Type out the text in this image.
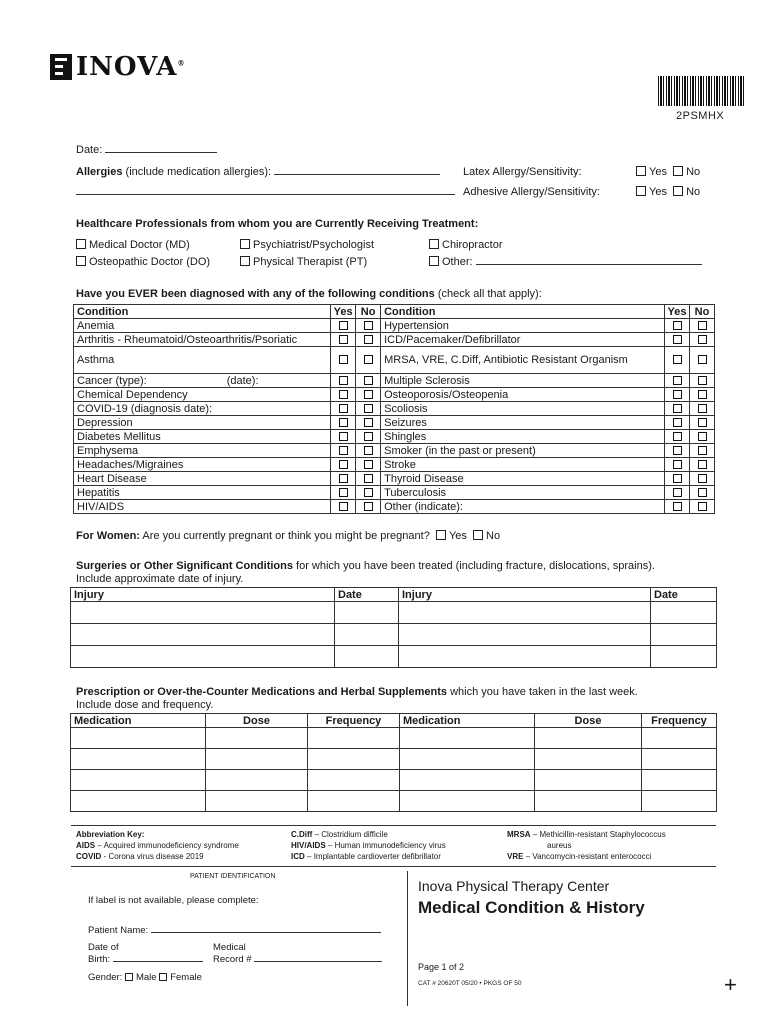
INOVA®
2PSMHX
Date:
Allergies (include medication allergies):	Latex Allergy/Sensitivity:
Adhesive Allergy/Sensitivity:
Yes No
Yes No
Healthcare Professionals from whom you are Currently Receiving Treatment:
Medical Doctor (MD)	Psychiatrist/Psychologist	Chiropractor
Osteopathic Doctor (DO)	Physical Therapist (PT)	Other:
Have you EVER been diagnosed with any of the following conditions (check all that apply):
Condition	Yes	No	Condition	Yes	No
Anemia			Hypertension		
Arthritis - Rheumatoid/Osteoarthritis/Psoriatic			ICD/Pacemaker/Defibrillator		
Asthma			MRSA, VRE, C.Diff, Antibiotic Resistant Organism		
Cancer (type): (date):			Multiple Sclerosis		
Chemical Dependency			Osteoporosis/Osteopenia		
COVID-19 (diagnosis date):			Scoliosis		
Depression			Seizures		
Diabetes Mellitus			Shingles		
Emphysema			Smoker (in the past or present)		
Headaches/Migraines			Stroke		
Heart Disease			Thyroid Disease		
Hepatitis			Tuberculosis		
HIV/AIDS			Other (indicate):		
For Women: Are you currently pregnant or think you might be pregnant? Yes No
Surgeries or Other Significant Conditions for which you have been treated (including fracture, dislocations, sprains).
Include approximate date of injury.
Injury	Date	Injury	Date

Prescription or Over-the-Counter Medications and Herbal Supplements which you have taken in the last week.
Include dose and frequency.
Medication	Dose	Frequency	Medication	Dose	Frequency

Abbreviation Key:
AIDS – Acquired immunodeficiency syndrome
COVID - Corona virus disease 2019
C.Diff – Clostridium difficile
HIV/AIDS – Human immunodeficiency virus
ICD – Implantable cardioverter defibrillator
MRSA – Methicillin-resistant Staphylococcus
aureus
VRE – Vancomycin-resistant enterococci
PATIENT IDENTIFICATION
If label is not available, please complete:
Patient Name:
Date of
Birth:
Medical
Record #
Gender: Male Female
Inova Physical Therapy Center
Medical Condition & History
Page 1 of 2
CAT # 20620T 05/20 • PKGS OF 50	+
